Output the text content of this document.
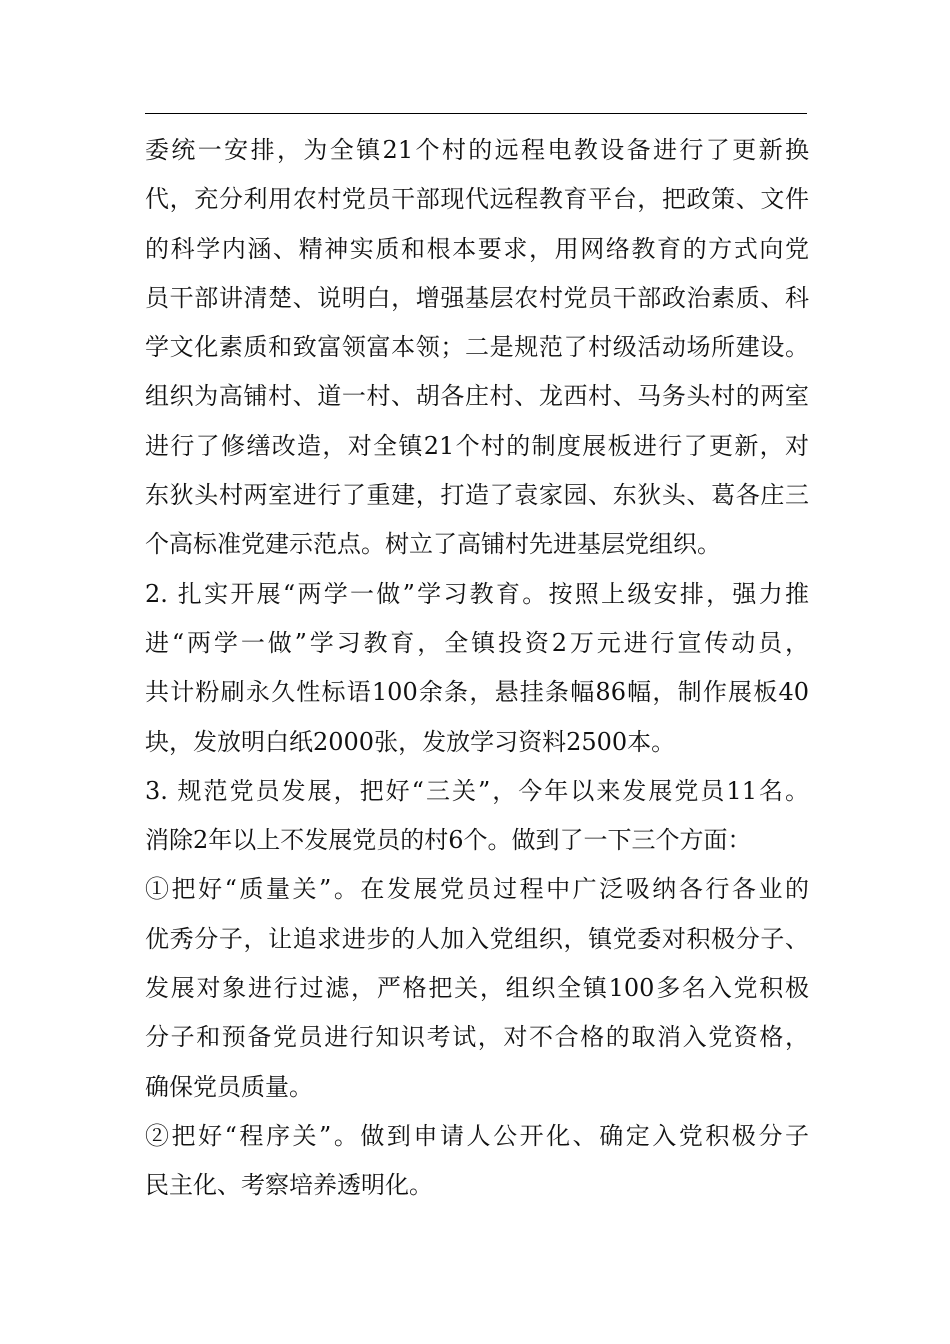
委统一安排，为全镇21个村的远程电教设备进行了更新换
代，充分利用农村党员干部现代远程教育平台，把政策、文件
的科学内涵、精神实质和根本要求，用网络教育的方式向党
员干部讲清楚、说明白，增强基层农村党员干部政治素质、科
学文化素质和致富领富本领；二是规范了村级活动场所建设。
组织为高铺村、道一村、胡各庄村、龙西村、马务头村的两室
进行了修缮改造，对全镇21个村的制度展板进行了更新，对
东狄头村两室进行了重建，打造了袁家园、东狄头、葛各庄三
个高标准党建示范点。树立了高铺村先进基层党组织。
2. 扎实开展“两学一做”学习教育。按照上级安排，强力推
进“两学一做”学习教育，全镇投资2万元进行宣传动员，
共计粉刷永久性标语100余条，悬挂条幅86幅，制作展板40
块，发放明白纸2000张，发放学习资料2500本。
3. 规范党员发展，把好“三关”，今年以来发展党员11名。
消除2年以上不发展党员的村6个。做到了一下三个方面：
①把好“质量关”。在发展党员过程中广泛吸纳各行各业的
优秀分子，让追求进步的人加入党组织，镇党委对积极分子、
发展对象进行过滤，严格把关，组织全镇100多名入党积极
分子和预备党员进行知识考试，对不合格的取消入党资格，
确保党员质量。
②把好“程序关”。做到申请人公开化、确定入党积极分子
民主化、考察培养透明化。
